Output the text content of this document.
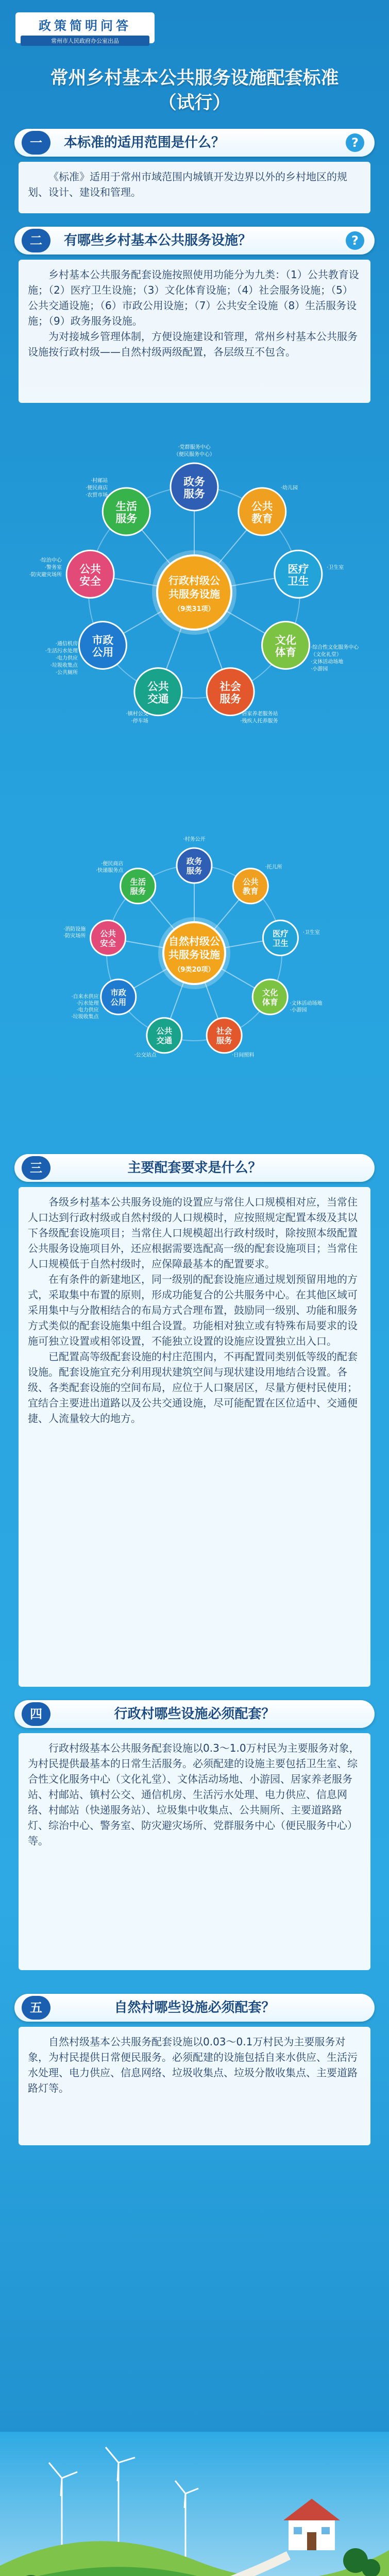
政策简明问答
常州市人民政府办公室出品
常州乡村基本公共服务设施配套标准
（试行）
一	本标准的适用范围是什么？	?

《标准》适用于常州市域范围内城镇开发边界以外的乡村地区的规划、设计、建设和管理。

二	有哪些乡村基本公共服务设施？	?

乡村基本公共服务配套设施按照使用功能分为九类：（1）公共教育设施；（2）医疗卫生设施；（3）文化体育设施；（4）社会服务设施；（5）公共交通设施；（6）市政公用设施；（7）公共安全设施（8）生活服务设施；（9）政务服务设施。

为对接城乡管理体制，方便设施建设和管理，常州乡村基本公共服务设施按行政村级——自然村级两级配置，各层级互不包含。

行政村级公
共服务设施
（9类31项）
政务
服务
·党群服务中心
（便民服务中心）
公共
教育
·幼儿园
医疗
卫生
·卫生室
文化
体育	·综合性文化服务中心
（文化礼堂）
·文体活动场地
·小游园
社会
服务
·居家养老服务站
·残疾人托养服务
公共
交通
·镇村公交
·停车场
市政
公用
·通信机房
·生活污水处理
·电力供应
·垃圾收集点
·公共厕所
公共
安全
·综治中心
·警务室
·防灾避灾场所
生活
服务
·村邮站
·便民商店
·农贸市场
自然村级公
共服务设施
（9类20项）
政务
服务
·村务公开
公共
教育
·托儿所
医疗
卫生
·卫生室
文化
体育 ·文体活动场地
·小游园
社会
服务
·日间照料
公共
交通
·公交站点
市政
公用
·自来水供应
·污水处理
·电力供应
·垃圾收集点
公共
安全
·消防设施
·防灾场所
生活
服务
·便民商店
·快递服务点
三	主要配套要求是什么？

各级乡村基本公共服务设施的设置应与常住人口规模相对应，当常住人口达到行政村级或自然村级的人口规模时，应按照规定配置本级及其以下各级配套设施项目；当常住人口规模超出行政村级时，除按照本级配置公共服务设施项目外，还应根据需要选配高一级的配套设施项目；当常住人口规模低于自然村级时，应保障最基本的配置要求。

在有条件的新建地区，同一级别的配套设施应通过规划预留用地的方式，采取集中布置的原则，形成功能复合的公共服务中心。在其他区域可采用集中与分散相结合的布局方式合理布置，鼓励同一级别、功能和服务方式类似的配套设施集中组合设置。功能相对独立或有特殊布局要求的设施可独立设置或相邻设置，不能独立设置的设施应设置独立出入口。

已配置高等级配套设施的村庄范围内，不再配置同类别低等级的配套设施。配套设施宜充分利用现状建筑空间与现状建设用地结合设置。各级、各类配套设施的空间布局，应位于人口聚居区，尽量方便村民使用；宜结合主要进出道路以及公共交通设施，尽可能配置在区位适中、交通便捷、人流量较大的地方。

四	行政村哪些设施必须配套？

行政村级基本公共服务配套设施以0.3～1.0万村民为主要服务对象，为村民提供最基本的日常生活服务。必须配建的设施主要包括卫生室、综合性文化服务中心（文化礼堂）、文体活动场地、小游园、居家养老服务站、村邮站、镇村公交、通信机房、生活污水处理、电力供应、信息网络、村邮站（快递服务站）、垃圾集中收集点、公共厕所、主要道路路灯、综治中心、警务室、防灾避灾场所、党群服务中心（便民服务中心）等。

五	自然村哪些设施必须配套？

自然村级基本公共服务配套设施以0.03～0.1万村民为主要服务对象，为村民提供日常便民服务。必须配建的设施包括自来水供应、生活污水处理、电力供应、信息网络、垃圾收集点、垃圾分散收集点、主要道路路灯等。
